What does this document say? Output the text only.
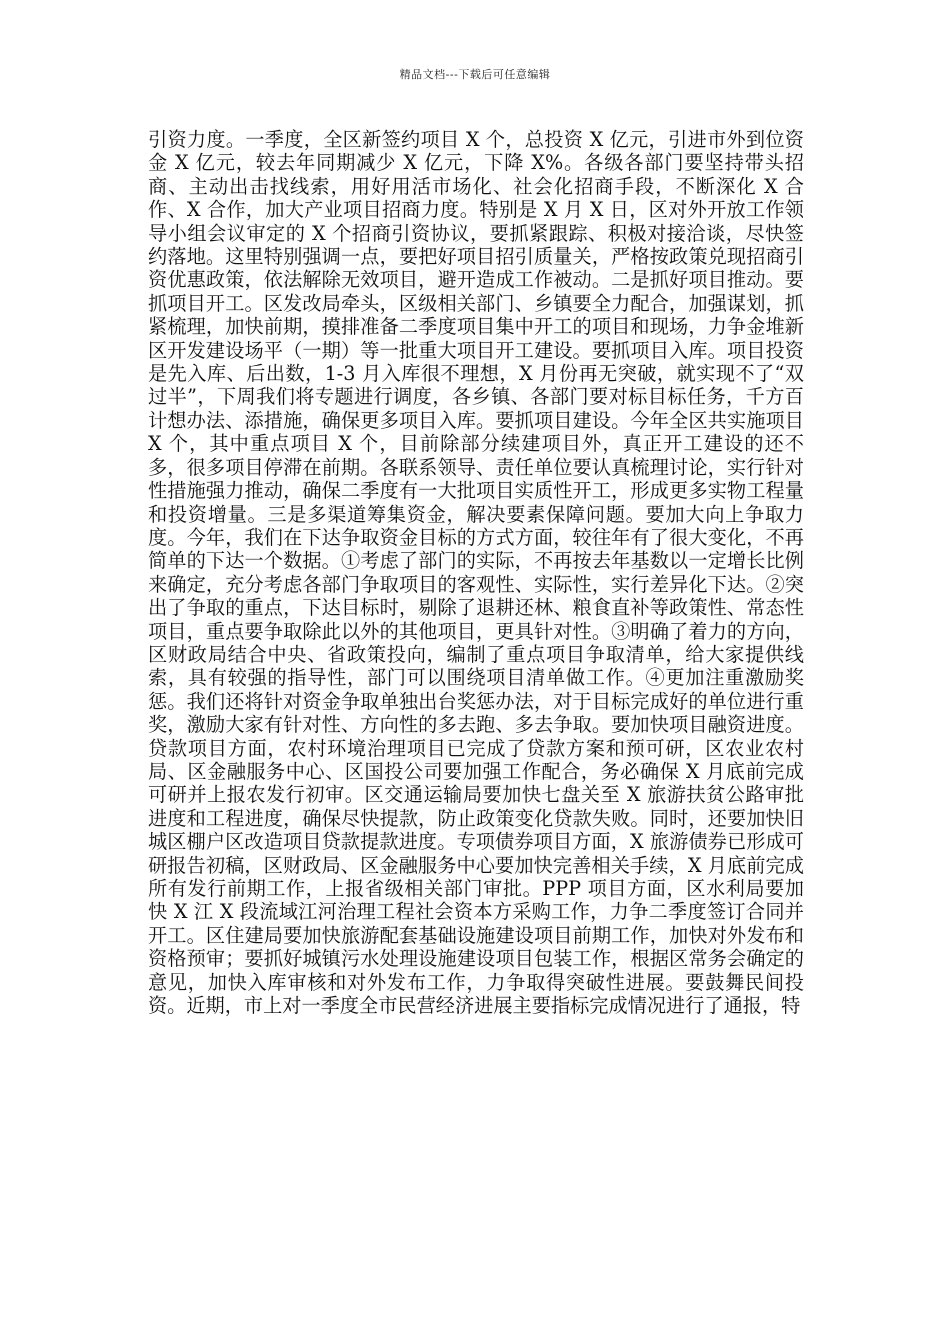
精品文档---下载后可任意编辑

引资力度。一季度，全区新签约项目 X 个，总投资 X 亿元，引进市外到位资金 X 亿元，较去年同期减少 X 亿元，下降 X%。各级各部门要坚持带头招商、主动出击找线索，用好用活市场化、社会化招商手段，不断深化 X 合作、X 合作，加大产业项目招商力度。特别是 X 月 X 日，区对外开放工作领导小组会议审定的 X 个招商引资协议，要抓紧跟踪、积极对接洽谈，尽快签约落地。这里特别强调一点，要把好项目招引质量关，严格按政策兑现招商引资优惠政策，依法解除无效项目，避开造成工作被动。二是抓好项目推动。要抓项目开工。区发改局牵头，区级相关部门、乡镇要全力配合，加强谋划，抓紧梳理，加快前期，摸排准备二季度项目集中开工的项目和现场，力争金堆新区开发建设场平（一期）等一批重大项目开工建设。要抓项目入库。项目投资是先入库、后出数，1-3 月入库很不理想，X 月份再无突破，就实现不了“双过半”，下周我们将专题进行调度，各乡镇、各部门要对标目标任务，千方百计想办法、添措施，确保更多项目入库。要抓项目建设。今年全区共实施项目 X 个，其中重点项目 X 个，目前除部分续建项目外，真正开工建设的还不多，很多项目停滞在前期。各联系领导、责任单位要认真梳理讨论，实行针对性措施强力推动，确保二季度有一大批项目实质性开工，形成更多实物工程量和投资增量。三是多渠道筹集资金，解决要素保障问题。要加大向上争取力度。今年，我们在下达争取资金目标的方式方面，较往年有了很大变化，不再简单的下达一个数据。①考虑了部门的实际，不再按去年基数以一定增长比例来确定，充分考虑各部门争取项目的客观性、实际性，实行差异化下达。②突出了争取的重点，下达目标时，剔除了退耕还林、粮食直补等政策性、常态性项目，重点要争取除此以外的其他项目，更具针对性。③明确了着力的方向，区财政局结合中央、省政策投向，编制了重点项目争取清单，给大家提供线索，具有较强的指导性，部门可以围绕项目清单做工作。④更加注重激励奖惩。我们还将针对资金争取单独出台奖惩办法，对于目标完成好的单位进行重奖，激励大家有针对性、方向性的多去跑、多去争取。要加快项目融资进度。贷款项目方面，农村环境治理项目已完成了贷款方案和预可研，区农业农村局、区金融服务中心、区国投公司要加强工作配合，务必确保 X 月底前完成可研并上报农发行初审。区交通运输局要加快七盘关至 X 旅游扶贫公路审批进度和工程进度，确保尽快提款，防止政策变化贷款失败。同时，还要加快旧城区棚户区改造项目贷款提款进度。专项债券项目方面，X 旅游债券已形成可研报告初稿，区财政局、区金融服务中心要加快完善相关手续，X 月底前完成所有发行前期工作，上报省级相关部门审批。PPP 项目方面，区水利局要加快 X 江 X 段流域江河治理工程社会资本方采购工作，力争二季度签订合同并开工。区住建局要加快旅游配套基础设施建设项目前期工作，加快对外发布和资格预审；要抓好城镇污水处理设施建设项目包装工作，根据区常务会确定的意见，加快入库审核和对外发布工作，力争取得突破性进展。要鼓舞民间投资。近期，市上对一季度全市民营经济进展主要指标完成情况进行了通报，特
